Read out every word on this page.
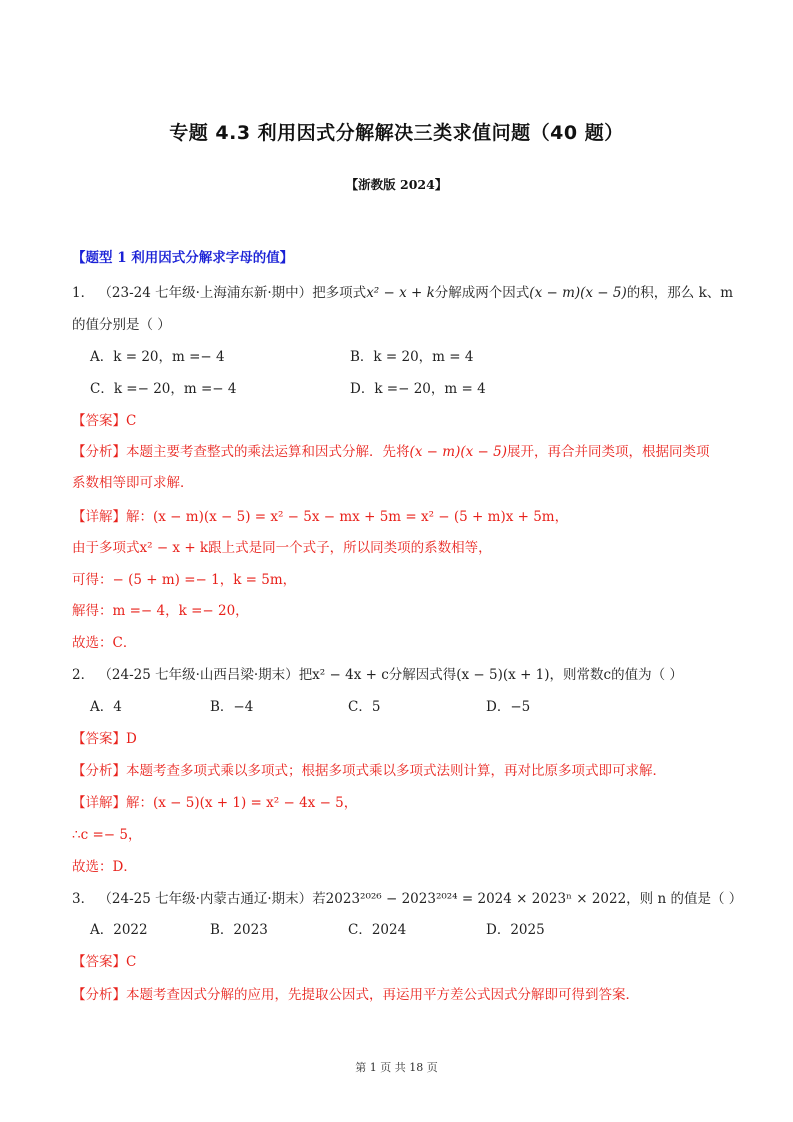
专题 4.3 利用因式分解解决三类求值问题（40 题）
【浙教版 2024】
【题型 1 利用因式分解求字母的值】
1． （23-24 七年级·上海浦东新·期中）把多项式x² − x + k分解成两个因式(x − m)(x − 5)的积，那么 k、m
的值分别是（ ）
A．k = 20，m =− 4	B．k = 20，m = 4
C．k =− 20，m =− 4	D．k =− 20，m = 4
【答案】C
【分析】本题主要考查整式的乘法运算和因式分解．先将(x − m)(x − 5)展开，再合并同类项，根据同类项
系数相等即可求解．
【详解】解：(x − m)(x − 5) = x² − 5x − mx + 5m = x² − (5 + m)x + 5m，
由于多项式x² − x + k跟上式是同一个式子，所以同类项的系数相等，
可得：− (5 + m) =− 1，k = 5m，
解得：m =− 4，k =− 20，
故选：C．
2． （24-25 七年级·山西吕梁·期末）把x² − 4x + c分解因式得(x − 5)(x + 1)，则常数c的值为（ ）
A．4	B．−4	C．5	D．−5
【答案】D
【分析】本题考查多项式乘以多项式；根据多项式乘以多项式法则计算，再对比原多项式即可求解．
【详解】解：(x − 5)(x + 1) = x² − 4x − 5，
∴c =− 5，
故选：D．
3． （24-25 七年级·内蒙古通辽·期末）若2023²⁰²⁶ − 2023²⁰²⁴ = 2024 × 2023ⁿ × 2022，则 n 的值是（ ）
A．2022	B．2023	C．2024	D．2025
【答案】C
【分析】本题考查因式分解的应用，先提取公因式，再运用平方差公式因式分解即可得到答案．
第 1 页 共 18 页
